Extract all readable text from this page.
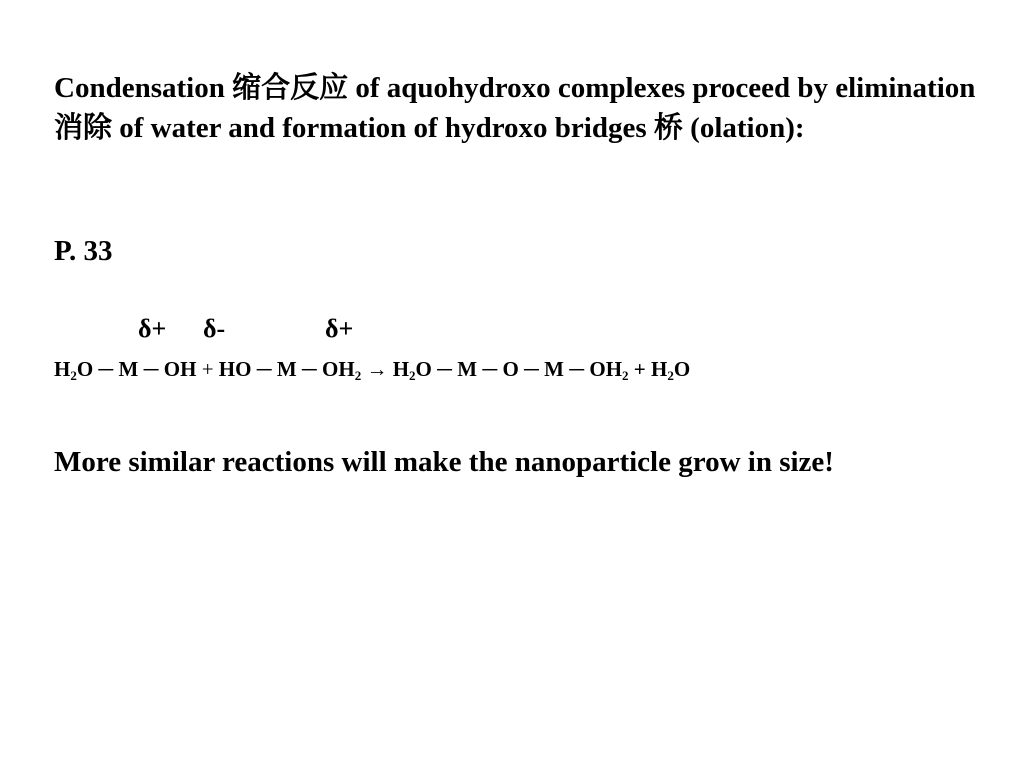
Condensation 缩合反应 of aquohydroxo complexes proceed by elimination 消除 of water and formation of hydroxo bridges 桥 (olation):

P. 33

δ+ δ-	δ+

$H_2O$ ─ M ─ OH + HO ─ M ─ $OH_2 \to H_2O$ ─ M ─ O ─ M ─ $OH_2 + H_2O$

More similar reactions will make the nanoparticle grow in size!
